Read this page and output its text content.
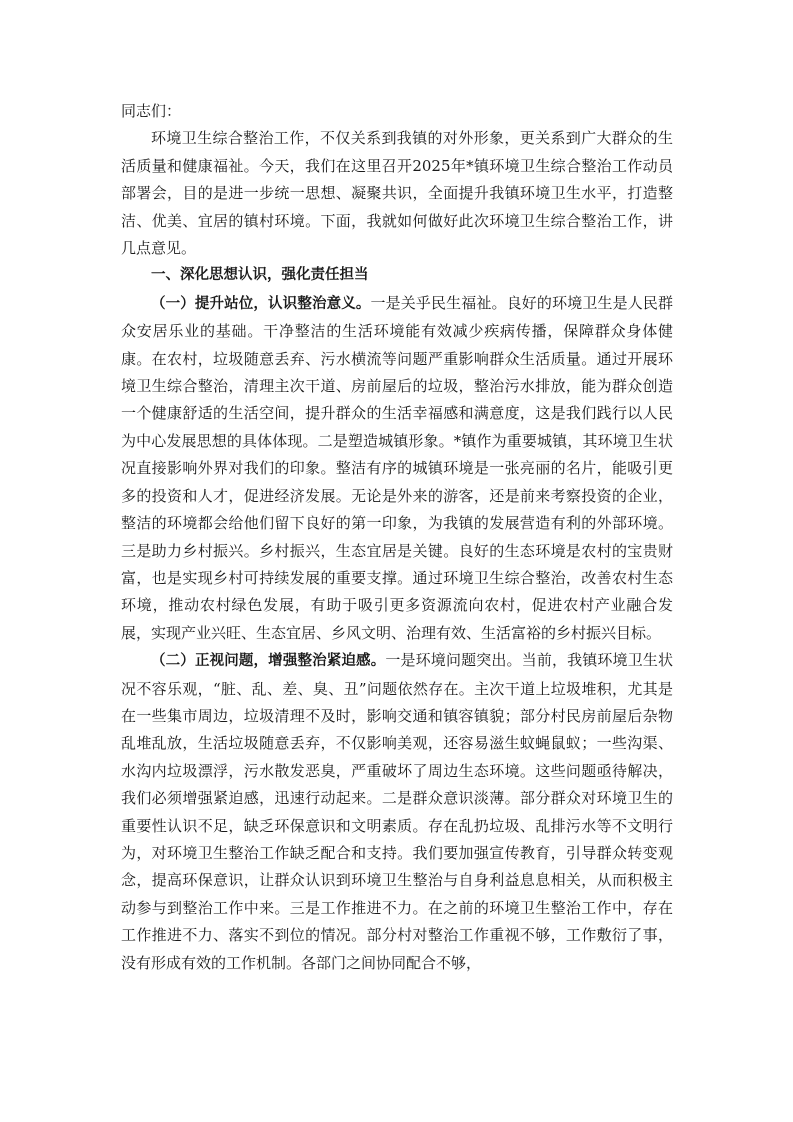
同志们：

环境卫生综合整治工作，不仅关系到我镇的对外形象，更关系到广大群众的生活质量和健康福祉。今天，我们在这里召开2025年*镇环境卫生综合整治工作动员部署会，目的是进一步统一思想、凝聚共识，全面提升我镇环境卫生水平，打造整洁、优美、宜居的镇村环境。下面，我就如何做好此次环境卫生综合整治工作，讲几点意见。

一、深化思想认识，强化责任担当

（一）提升站位，认识整治意义。一是关乎民生福祉。良好的环境卫生是人民群众安居乐业的基础。干净整洁的生活环境能有效减少疾病传播，保障群众身体健康。在农村，垃圾随意丢弃、污水横流等问题严重影响群众生活质量。通过开展环境卫生综合整治，清理主次干道、房前屋后的垃圾，整治污水排放，能为群众创造一个健康舒适的生活空间，提升群众的生活幸福感和满意度，这是我们践行以人民为中心发展思想的具体体现。二是塑造城镇形象。*镇作为重要城镇，其环境卫生状况直接影响外界对我们的印象。整洁有序的城镇环境是一张亮丽的名片，能吸引更多的投资和人才，促进经济发展。无论是外来的游客，还是前来考察投资的企业，整洁的环境都会给他们留下良好的第一印象，为我镇的发展营造有利的外部环境。三是助力乡村振兴。乡村振兴，生态宜居是关键。良好的生态环境是农村的宝贵财富，也是实现乡村可持续发展的重要支撑。通过环境卫生综合整治，改善农村生态环境，推动农村绿色发展，有助于吸引更多资源流向农村，促进农村产业融合发展，实现产业兴旺、生态宜居、乡风文明、治理有效、生活富裕的乡村振兴目标。

（二）正视问题，增强整治紧迫感。一是环境问题突出。当前，我镇环境卫生状况不容乐观，“脏、乱、差、臭、丑”问题依然存在。主次干道上垃圾堆积，尤其是在一些集市周边，垃圾清理不及时，影响交通和镇容镇貌；部分村民房前屋后杂物乱堆乱放，生活垃圾随意丢弃，不仅影响美观，还容易滋生蚊蝇鼠蚁；一些沟渠、水沟内垃圾漂浮，污水散发恶臭，严重破坏了周边生态环境。这些问题亟待解决，我们必须增强紧迫感，迅速行动起来。二是群众意识淡薄。部分群众对环境卫生的重要性认识不足，缺乏环保意识和文明素质。存在乱扔垃圾、乱排污水等不文明行为，对环境卫生整治工作缺乏配合和支持。我们要加强宣传教育，引导群众转变观念，提高环保意识，让群众认识到环境卫生整治与自身利益息息相关，从而积极主动参与到整治工作中来。三是工作推进不力。在之前的环境卫生整治工作中，存在工作推进不力、落实不到位的情况。部分村对整治工作重视不够，工作敷衍了事，没有形成有效的工作机制。各部门之间协同配合不够，
